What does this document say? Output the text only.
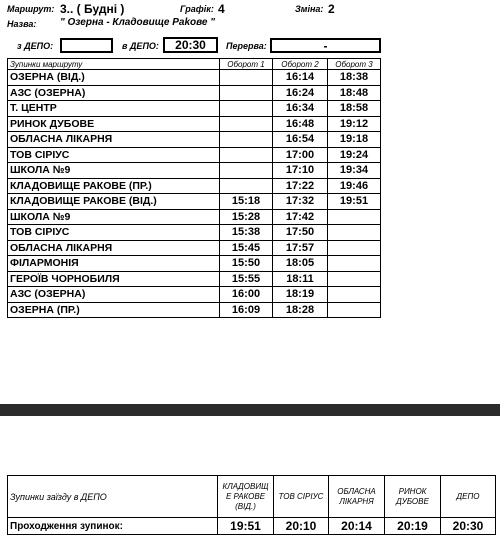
Маршрут: 3.. ( Будні )	Графік: 4	Зміна: 2
Назва: " Озерна - Кладовище Раkове "
з ДЕПО:	в ДЕПО:	20:30	Перерва:	-
Зупинки маршруту	Оборот 1	Оборот 2	Оборот 3
ОЗЕРНА (ВІД.)		16:14	18:38
АЗС (ОЗЕРНА)		16:24	18:48
Т. ЦЕНТР		16:34	18:58
РИНОК ДУБОВЕ		16:48	19:12
ОБЛАСНА ЛІКАРНЯ		16:54	19:18
ТОВ СІРІУС		17:00	19:24
ШКОЛА №9		17:10	19:34
КЛАДОВИЩЕ РАКОВЕ (ПР.)		17:22	19:46
КЛАДОВИЩЕ РАКОВЕ (ВІД.)	15:18	17:32	19:51
ШКОЛА №9	15:28	17:42	
ТОВ СІРІУС	15:38	17:50	
ОБЛАСНА ЛІКАРНЯ	15:45	17:57	
ФІЛАРМОНІЯ	15:50	18:05	
ГЕРОЇВ ЧОРНОБИЛЯ	15:55	18:11	
АЗС (ОЗЕРНА)	16:00	18:19	
ОЗЕРНА (ПР.)	16:09	18:28	
Зупинки заїзду в ДЕПО	КЛАДОВИЩ Е РАКОВЕ (ВІД.)	ТОВ СІРІУС	ОБЛАСНА ЛІКАРНЯ	РИНОК ДУБОВЕ	ДЕПО
Проходження зупинок:	19:51	20:10	20:14	20:19	20:30
